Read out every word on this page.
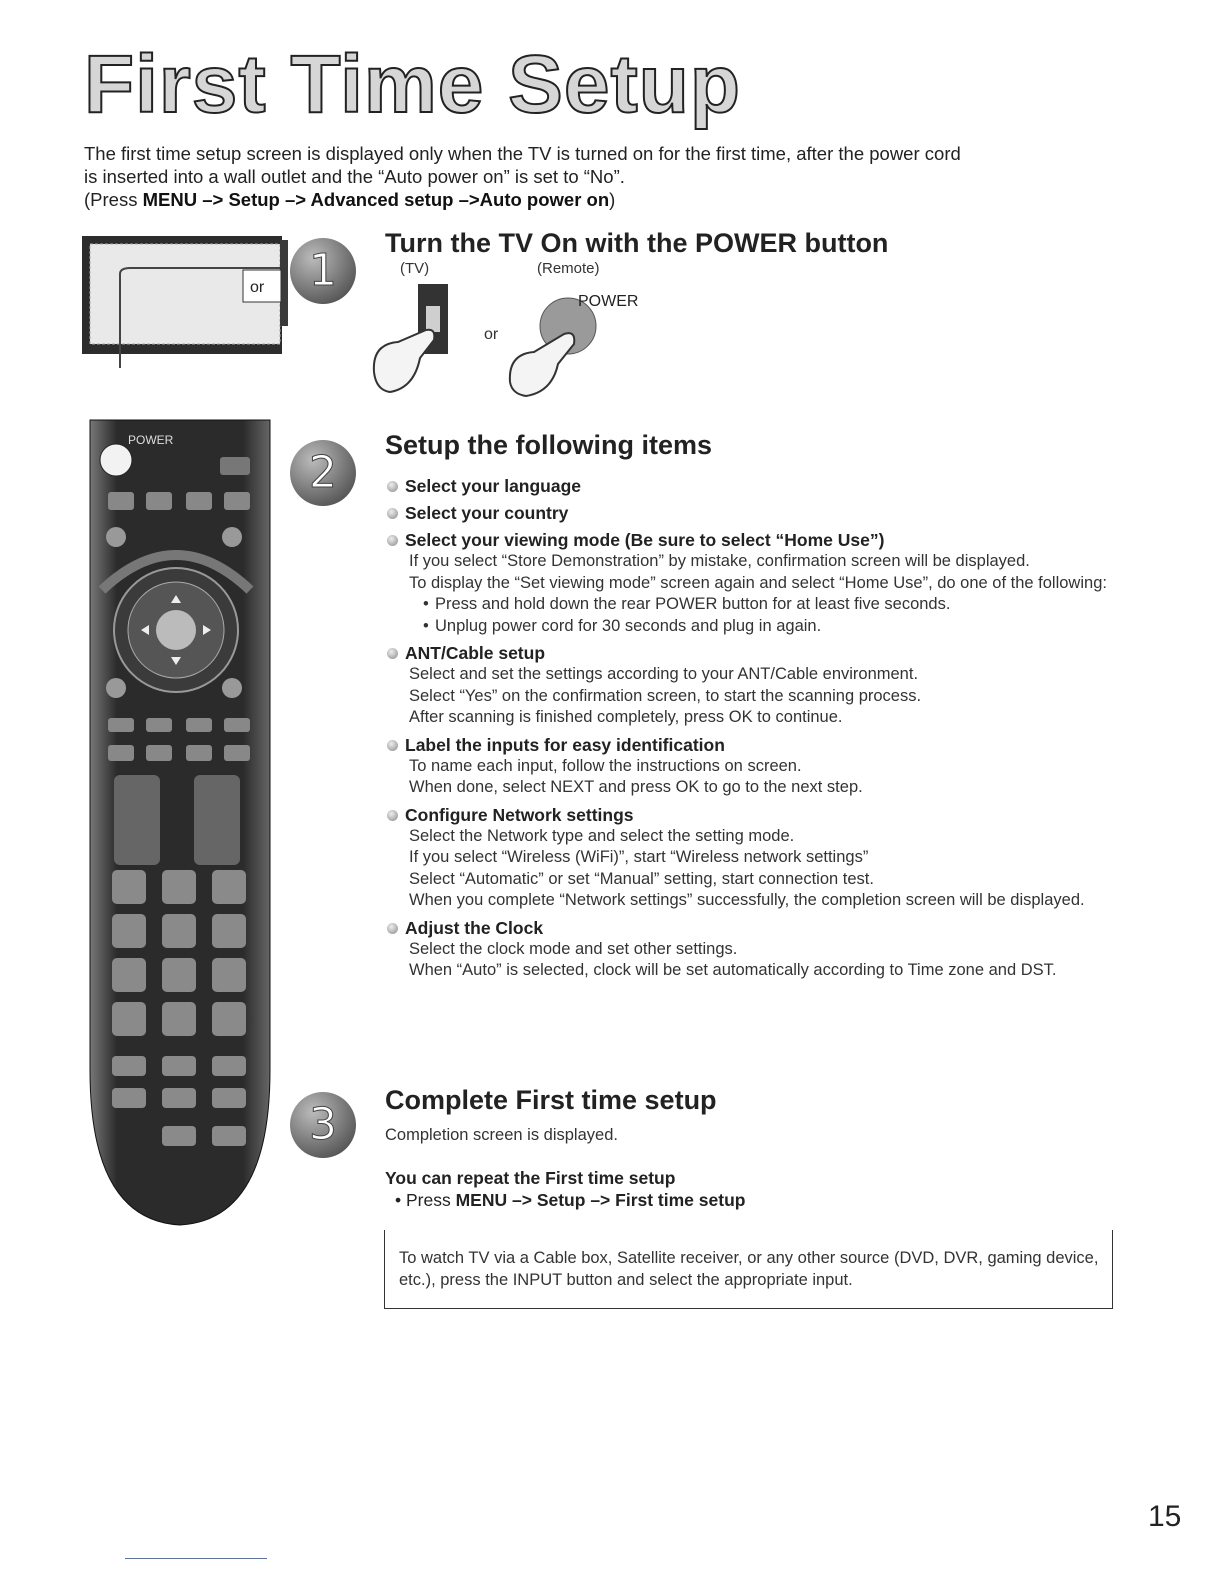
First Time Setup
The first time setup screen is displayed only when the TV is turned on for the first time, after the power cord
is inserted into a wall outlet and the “Auto power on” is set to “No”.
(Press MENU –> Setup –> Advanced setup –>Auto power on)
or
POWER
1
Turn the TV On with the POWER button
(TV)	(Remote)
or
POWER
2
Setup the following items
Select your language
Select your country
Select your viewing mode (Be sure to select “Home Use”)
If you select “Store Demonstration” by mistake, confirmation screen will be displayed.
To display the “Set viewing mode” screen again and select “Home Use”, do one of the following:
• Press and hold down the rear POWER button for at least five seconds.
• Unplug power cord for 30 seconds and plug in again.
ANT/Cable setup
Select and set the settings according to your ANT/Cable environment.
Select “Yes” on the confirmation screen, to start the scanning process.
After scanning is finished completely, press OK to continue.
Label the inputs for easy identification
To name each input, follow the instructions on screen.
When done, select NEXT and press OK to go to the next step.
Configure Network settings
Select the Network type and select the setting mode.
If you select “Wireless (WiFi)”, start “Wireless network settings”
Select “Automatic” or set “Manual” setting, start connection test.
When you complete “Network settings” successfully, the completion screen will be displayed.
Adjust the Clock
Select the clock mode and set other settings.
When “Auto” is selected, clock will be set automatically according to Time zone and DST.
3	Complete First time setup
Completion screen is displayed.
You can repeat the First time setup
• Press MENU –> Setup –> First time setup
To watch TV via a Cable box, Satellite receiver, or any other source (DVD, DVR, gaming device, etc.), press the INPUT button and select the appropriate input.
15
